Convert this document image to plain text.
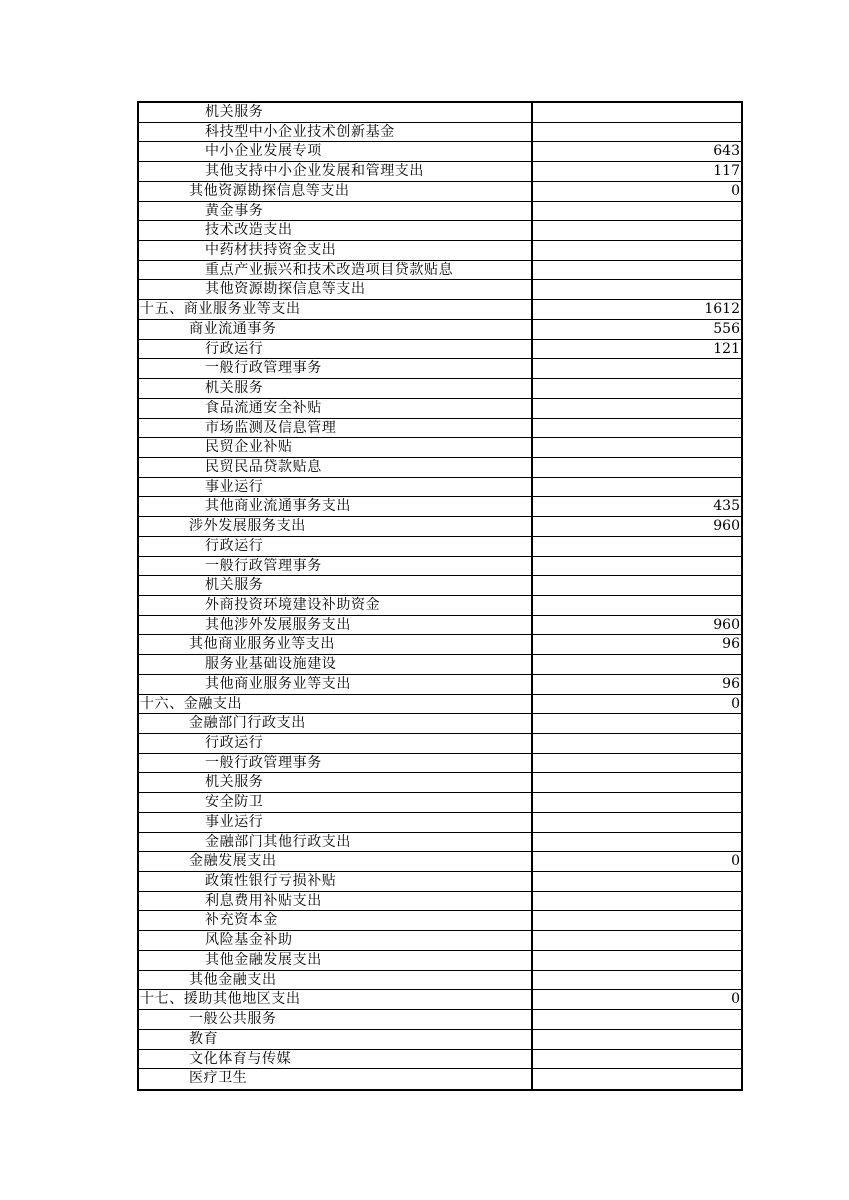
机关服务
科技型中小企业技术创新基金
中小企业发展专项	643
其他支持中小企业发展和管理支出	117
其他资源勘探信息等支出	0
黄金事务
技术改造支出
中药材扶持资金支出
重点产业振兴和技术改造项目贷款贴息
其他资源勘探信息等支出
十五、商业服务业等支出	1612
商业流通事务	556
行政运行	121
一般行政管理事务
机关服务
食品流通安全补贴
市场监测及信息管理
民贸企业补贴
民贸民品贷款贴息
事业运行
其他商业流通事务支出	435
涉外发展服务支出	960
行政运行
一般行政管理事务
机关服务
外商投资环境建设补助资金
其他涉外发展服务支出	960
其他商业服务业等支出	96
服务业基础设施建设
其他商业服务业等支出	96
十六、金融支出	0
金融部门行政支出
行政运行
一般行政管理事务
机关服务
安全防卫
事业运行
金融部门其他行政支出
金融发展支出	0
政策性银行亏损补贴
利息费用补贴支出
补充资本金
风险基金补助
其他金融发展支出
其他金融支出
十七、援助其他地区支出	0
一般公共服务
教育
文化体育与传媒
医疗卫生
